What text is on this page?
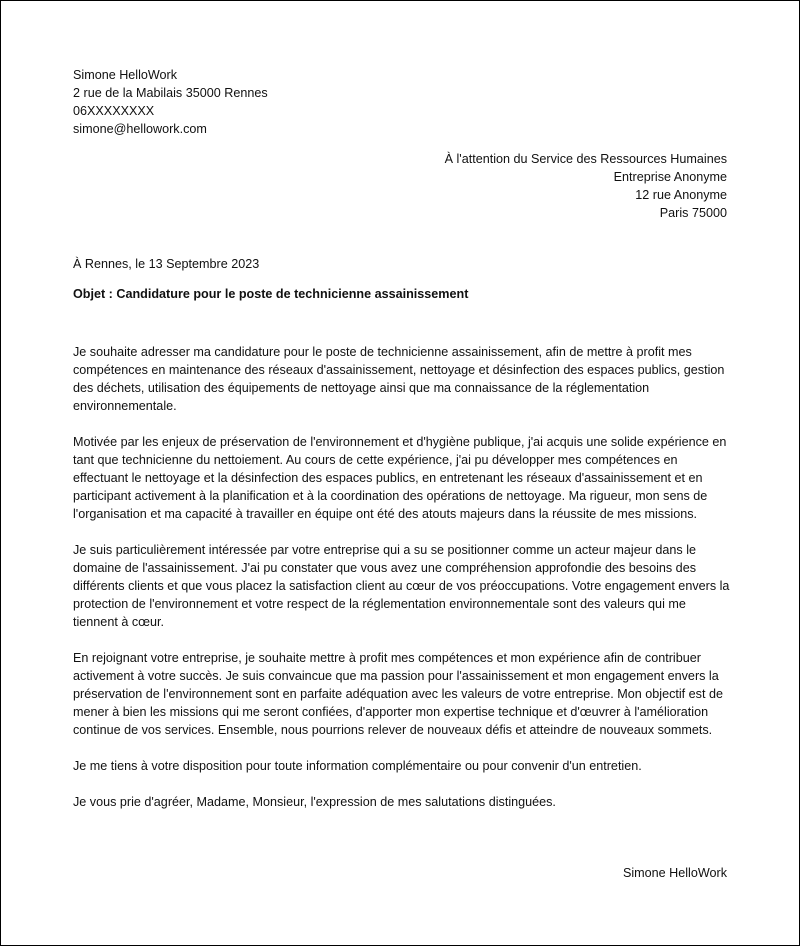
Simone HelloWork
2 rue de la Mabilais 35000 Rennes
06XXXXXXXX
simone@hellowork.com
À l'attention du Service des Ressources Humaines
Entreprise Anonyme
12 rue Anonyme
Paris 75000
À Rennes, le 13 Septembre 2023
Objet : Candidature pour le poste de technicienne assainissement

Je souhaite adresser ma candidature pour le poste de technicienne assainissement, afin de mettre à profit mes compétences en maintenance des réseaux d'assainissement, nettoyage et désinfection des espaces publics, gestion des déchets, utilisation des équipements de nettoyage ainsi que ma connaissance de la réglementation environnementale.

Motivée par les enjeux de préservation de l'environnement et d'hygiène publique, j'ai acquis une solide expérience en tant que technicienne du nettoiement. Au cours de cette expérience, j'ai pu développer mes compétences en effectuant le nettoyage et la désinfection des espaces publics, en entretenant les réseaux d'assainissement et en participant activement à la planification et à la coordination des opérations de nettoyage. Ma rigueur, mon sens de l'organisation et ma capacité à travailler en équipe ont été des atouts majeurs dans la réussite de mes missions.

Je suis particulièrement intéressée par votre entreprise qui a su se positionner comme un acteur majeur dans le domaine de l'assainissement. J'ai pu constater que vous avez une compréhension approfondie des besoins des différents clients et que vous placez la satisfaction client au cœur de vos préoccupations. Votre engagement envers la protection de l'environnement et votre respect de la réglementation environnementale sont des valeurs qui me tiennent à cœur.

En rejoignant votre entreprise, je souhaite mettre à profit mes compétences et mon expérience afin de contribuer activement à votre succès. Je suis convaincue que ma passion pour l'assainissement et mon engagement envers la préservation de l'environnement sont en parfaite adéquation avec les valeurs de votre entreprise. Mon objectif est de mener à bien les missions qui me seront confiées, d'apporter mon expertise technique et d'œuvrer à l'amélioration continue de vos services. Ensemble, nous pourrions relever de nouveaux défis et atteindre de nouveaux sommets.

Je me tiens à votre disposition pour toute information complémentaire ou pour convenir d'un entretien.

Je vous prie d'agréer, Madame, Monsieur, l'expression de mes salutations distinguées.

Simone HelloWork
